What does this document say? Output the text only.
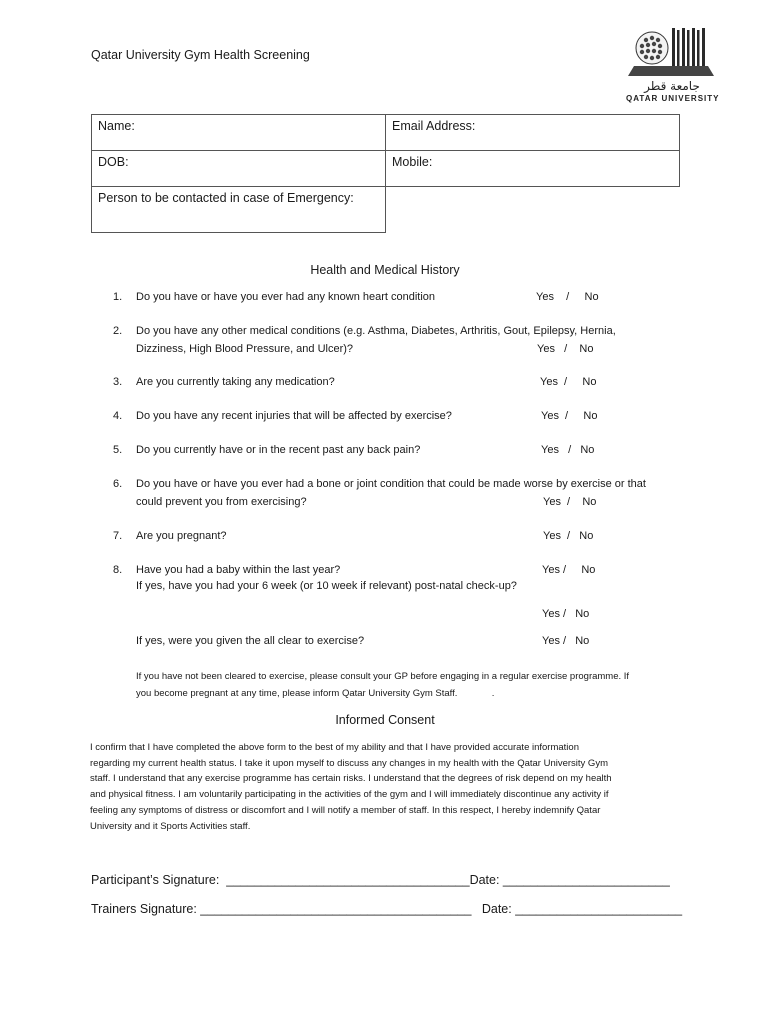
Qatar University Gym Health Screening
جامعة قطر
QATAR UNIVERSITY
Name:	Email Address:
DOB:	Mobile:
Person to be contacted in case of Emergency:	
Health and Medical History
1. Do you have or have you ever had any known heart condition	Yes    /     No
2. Do you have any other medical conditions (e.g. Asthma, Diabetes, Arthritis, Gout, Epilepsy, Hernia,
Dizziness, High Blood Pressure, and Ulcer)?	Yes   /    No
3. Are you currently taking any medication?	Yes  /     No
4. Do you have any recent injuries that will be affected by exercise?	Yes  /     No
5. Do you currently have or in the recent past any back pain?	Yes   /   No
6. Do you have or have you ever had a bone or joint condition that could be made worse by exercise or that
could prevent you from exercising?	Yes  /    No
7. Are you pregnant?	Yes  /   No
8. Have you had a baby within the last year?	Yes /     No
If yes, have you had your 6 week (or 10 week if relevant) post-natal check-up?
Yes /   No
If yes, were you given the all clear to exercise?	Yes /   No
If you have not been cleared to exercise, please consult your GP before engaging in a regular exercise programme. If
you become pregnant at any time, please inform Qatar University Gym Staff.             .
Informed Consent
I confirm that I have completed the above form to the best of my ability and that I have provided accurate information
regarding my current health status. I take it upon myself to discuss any changes in my health with the Qatar University Gym
staff. I understand that any exercise programme has certain risks. I understand that the degrees of risk depend on my health
and physical fitness. I am voluntarily participating in the activities of the gym and I will immediately discontinue any activity if
feeling any symptoms of distress or discomfort and I will notify a member of staff. In this respect, I hereby indemnify Qatar
University and it Sports Activities staff.
Participant’s Signature:  ___________________________________Date: ________________________
Trainers Signature: _______________________________________   Date: ________________________
